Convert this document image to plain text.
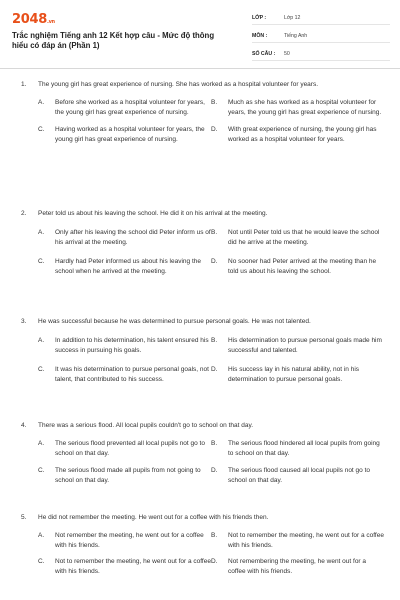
2048.vn
Trắc nghiệm Tiếng anh 12 Kết hợp câu - Mức độ thông hiểu có đáp án (Phần 1)
LỚP :	Lớp 12
MÔN :	Tiếng Anh
SỐ CÂU :	50
1.	The young girl has great experience of nursing. She has worked as a hospital volunteer for years.
A.	Before she worked as a hospital volunteer for years, the young girl has great experience of nursing.
B.	Much as she has worked as a hospital volunteer for years, the young girl has great experience of nursing.
C.	Having worked as a hospital volunteer for years, the young girl has great experience of nursing.
D.	With great experience of nursing, the young girl has worked as a hospital volunteer for years.
2.	Peter told us about his leaving the school. He did it on his arrival at the meeting.
A.	Only after his leaving the school did Peter inform us of his arrival at the meeting.
B.	Not until Peter told us that he would leave the school did he arrive at the meeting.
C.	Hardly had Peter informed us about his leaving the school when he arrived at the meeting.
D.	No sooner had Peter arrived at the meeting than he told us about his leaving the school.
3.	He was successful because he was determined to pursue personal goals. He was not talented.
A.	In addition to his determination, his talent ensured his success in pursuing his goals.
B.	His determination to pursue personal goals made him successful and talented.
C.	It was his determination to pursue personal goals, not talent, that contributed to his success.
D.	His success lay in his natural ability, not in his determination to pursue personal goals.
4.	There was a serious flood. All local pupils couldn't go to school on that day.
A.	The serious flood prevented all local pupils not go to school on that day.
B.	The serious flood hindered all local pupils from going to school on that day.
C.	The serious flood made all pupils from not going to school on that day.
D.	The serious flood caused all local pupils not go to school on that day.
5.	He did not remember the meeting. He went out for a coffee with his friends then.
A.	Not remember the meeting, he went out for a coffee with his friends.
B.	Not to remember the meeting, he went out for a coffee with his friends.
C.	Not to remember the meeting, he went out for a coffee with his friends.
D.	Not remembering the meeting, he went out for a coffee with his friends.
